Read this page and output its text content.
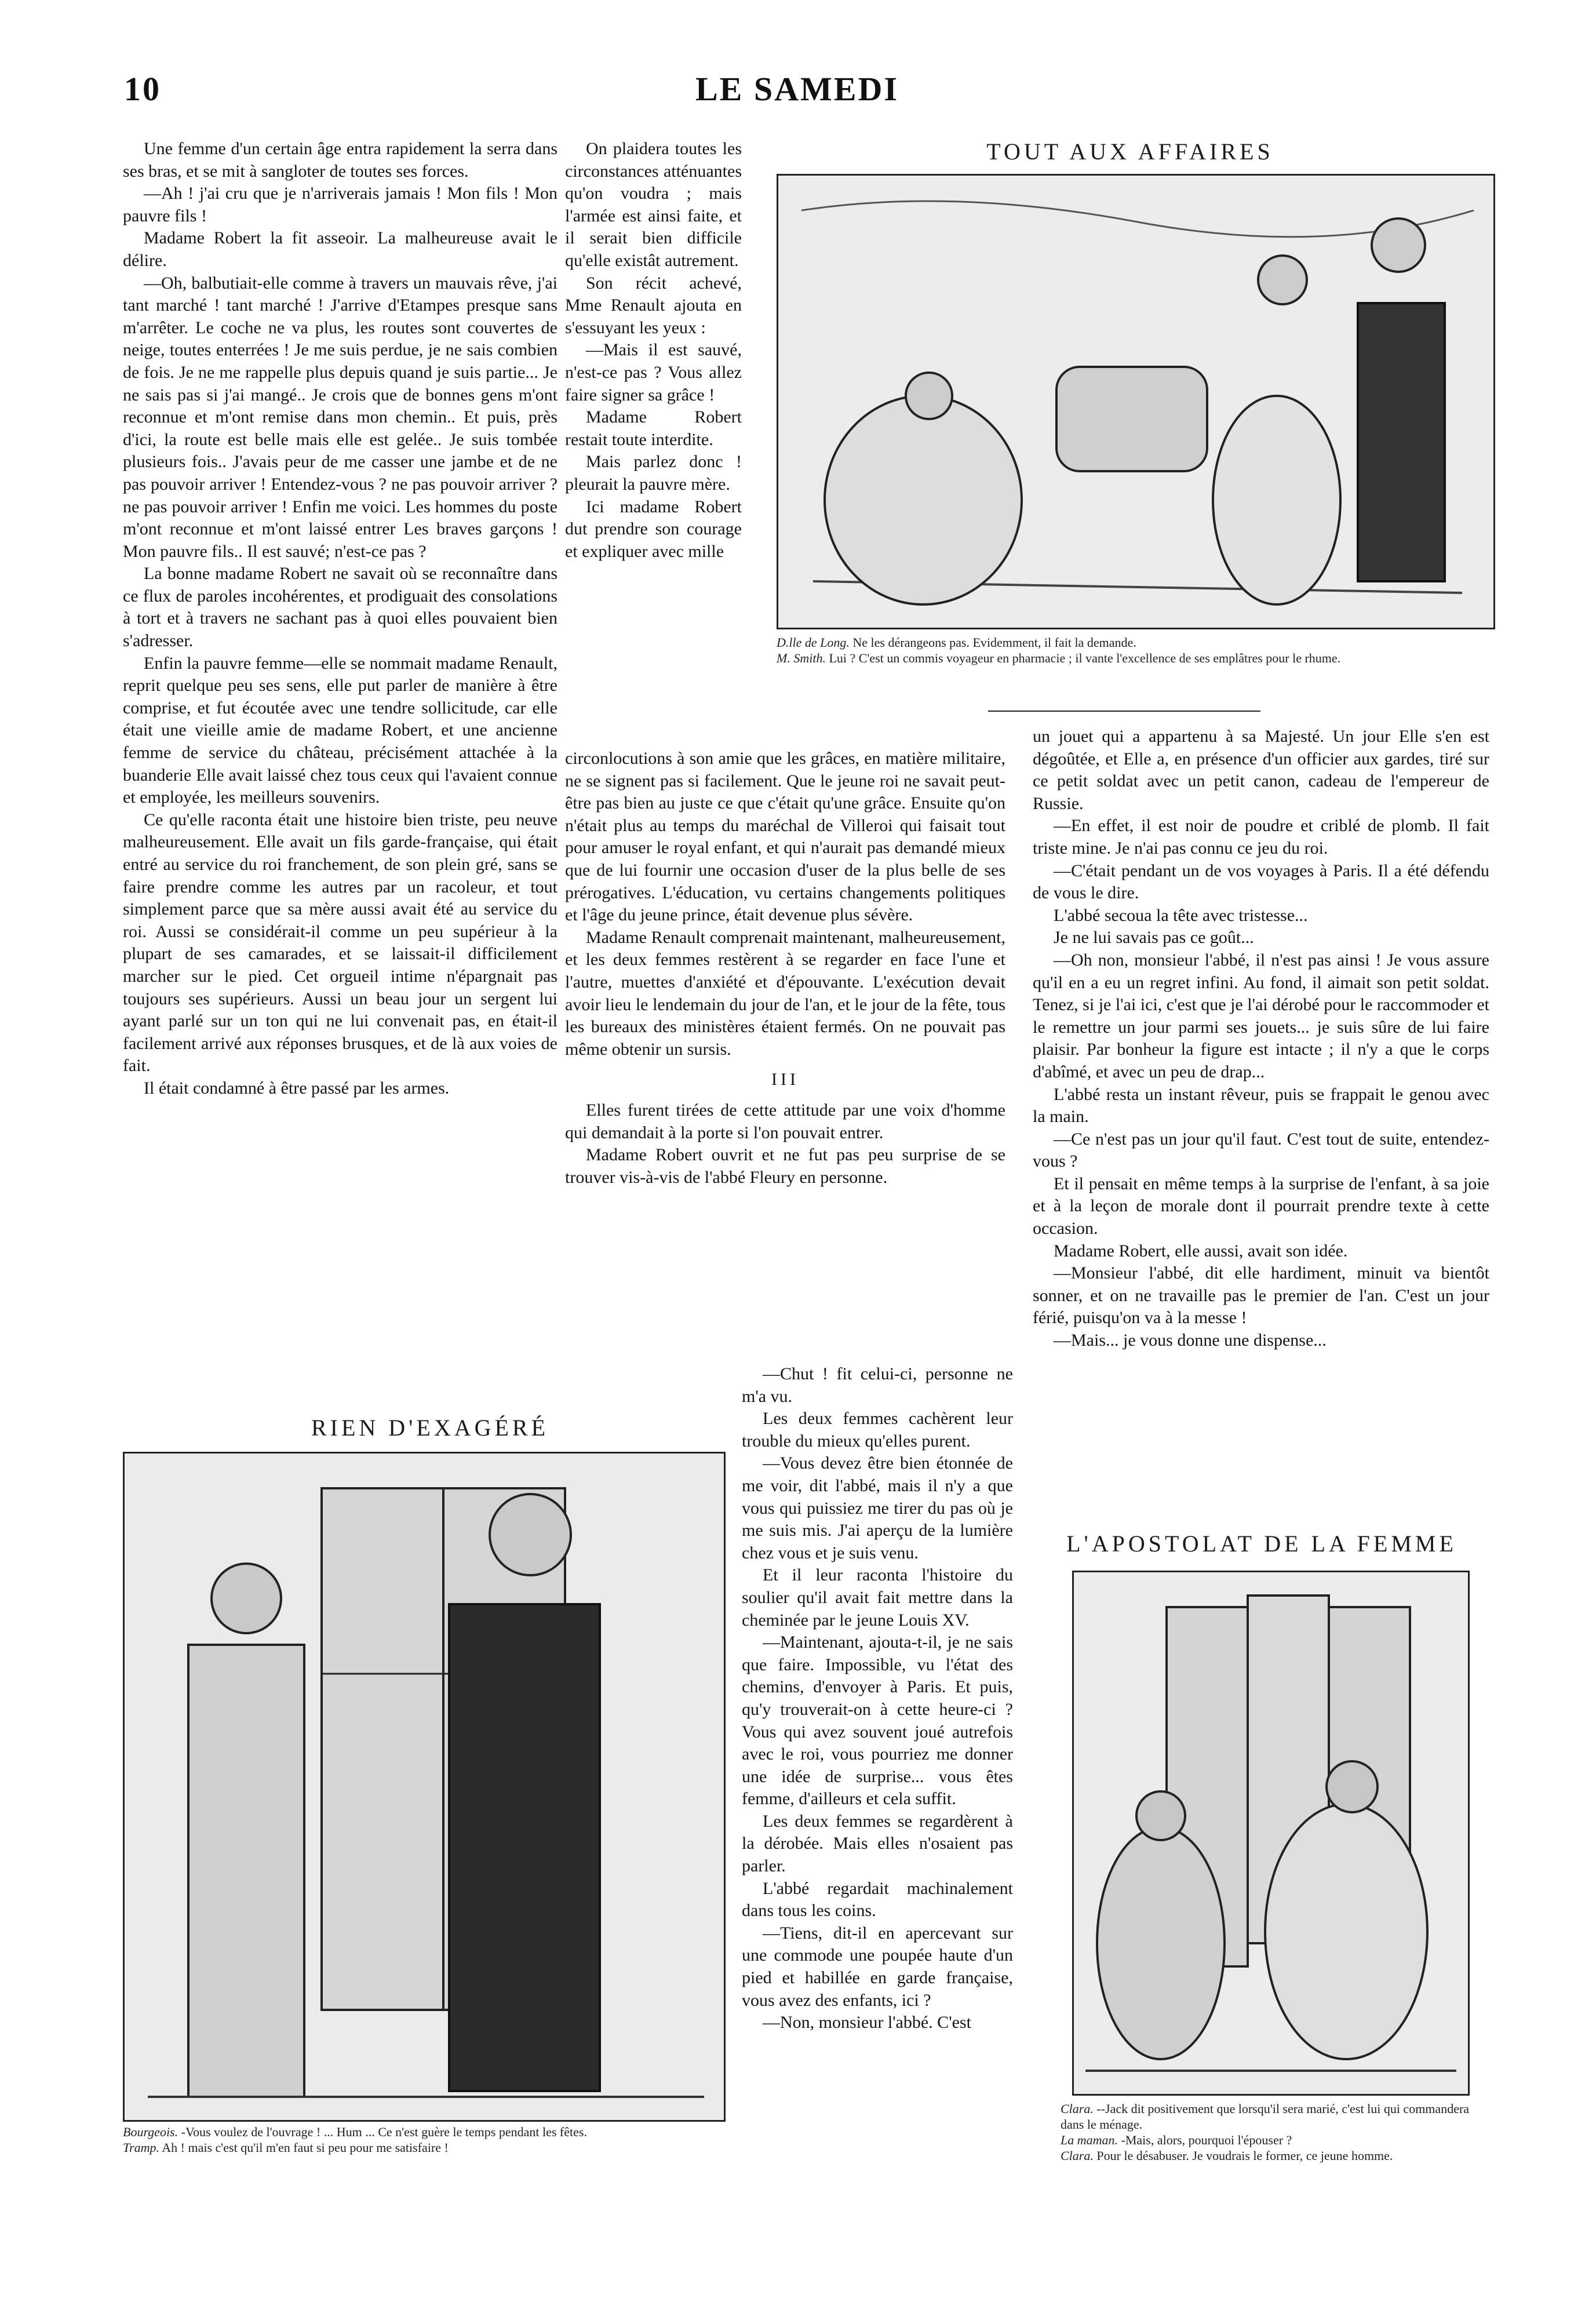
10	LE SAMEDI

Une femme d'un certain âge entra rapidement la serra dans ses bras, et se mit à sangloter de toutes ses forces.

—Ah ! j'ai cru que je n'arriverais jamais ! Mon fils ! Mon pauvre fils !

Madame Robert la fit asseoir. La malheureuse avait le délire.

—Oh, balbutiait-elle comme à travers un mauvais rêve, j'ai tant marché ! tant marché ! J'arrive d'Etampes presque sans m'arrêter. Le coche ne va plus, les routes sont couvertes de neige, toutes enterrées ! Je me suis perdue, je ne sais combien de fois. Je ne me rappelle plus depuis quand je suis partie... Je ne sais pas si j'ai mangé.. Je crois que de bonnes gens m'ont reconnue et m'ont remise dans mon chemin.. Et puis, près d'ici, la route est belle mais elle est gelée.. Je suis tombée plusieurs fois.. J'avais peur de me casser une jambe et de ne pas pouvoir arriver ! Entendez-vous ? ne pas pouvoir arriver ? ne pas pouvoir arriver ! Enfin me voici. Les hommes du poste m'ont reconnue et m'ont laissé entrer Les braves garçons ! Mon pauvre fils.. Il est sauvé; n'est-ce pas ?

La bonne madame Robert ne savait où se reconnaître dans ce flux de paroles incohérentes, et prodiguait des consolations à tort et à travers ne sachant pas à quoi elles pouvaient bien s'adresser.

Enfin la pauvre femme—elle se nommait madame Renault, reprit quelque peu ses sens, elle put parler de manière à être comprise, et fut écoutée avec une tendre sollicitude, car elle était une vieille amie de madame Robert, et une ancienne femme de service du château, précisément attachée à la buanderie Elle avait laissé chez tous ceux qui l'avaient connue et employée, les meilleurs souvenirs.

Ce qu'elle raconta était une histoire bien triste, peu neuve malheureusement. Elle avait un fils garde-française, qui était entré au service du roi franchement, de son plein gré, sans se faire prendre comme les autres par un racoleur, et tout simplement parce que sa mère aussi avait été au service du roi. Aussi se considérait-il comme un peu supérieur à la plupart de ses camarades, et se laissait-il difficilement marcher sur le pied. Cet orgueil intime n'épargnait pas toujours ses supérieurs. Aussi un beau jour un sergent lui ayant parlé sur un ton qui ne lui convenait pas, en était-il facilement arrivé aux réponses brusques, et de là aux voies de fait.

Il était condamné à être passé par les armes.

On plaidera toutes les circonstances atténuantes qu'on voudra ; mais l'armée est ainsi faite, et il serait bien difficile qu'elle existât autrement.

Son récit achevé, Mme Renault ajouta en s'essuyant les yeux :

—Mais il est sauvé, n'est-ce pas ? Vous allez faire signer sa grâce !

Madame Robert restait toute interdite.

Mais parlez donc ! pleurait la pauvre mère.

Ici madame Robert dut prendre son courage et expliquer avec mille

TOUT AUX AFFAIRES
D.lle de Long. Ne les dérangeons pas. Evidemment, il fait la demande.
M. Smith. Lui ? C'est un commis voyageur en pharmacie ; il vante l'excellence de ses emplâtres pour le rhume.

circonlocutions à son amie que les grâces, en matière militaire, ne se signent pas si facilement. Que le jeune roi ne savait peut-être pas bien au juste ce que c'était qu'une grâce. Ensuite qu'on n'était plus au temps du maréchal de Villeroi qui faisait tout pour amuser le royal enfant, et qui n'aurait pas demandé mieux que de lui fournir une occasion d'user de la plus belle de ses prérogatives. L'éducation, vu certains changements politiques et l'âge du jeune prince, était devenue plus sévère.

Madame Renault comprenait maintenant, malheureusement, et les deux femmes restèrent à se regarder en face l'une et l'autre, muettes d'anxiété et d'épouvante. L'exécution devait avoir lieu le lendemain du jour de l'an, et le jour de la fête, tous les bureaux des ministères étaient fermés. On ne pouvait pas même obtenir un sursis.

III

Elles furent tirées de cette attitude par une voix d'homme qui demandait à la porte si l'on pouvait entrer.

Madame Robert ouvrit et ne fut pas peu surprise de se trouver vis-à-vis de l'abbé Fleury en personne.

un jouet qui a appartenu à sa Majesté. Un jour Elle s'en est dégoûtée, et Elle a, en présence d'un officier aux gardes, tiré sur ce petit soldat avec un petit canon, cadeau de l'empereur de Russie.

—En effet, il est noir de poudre et criblé de plomb. Il fait triste mine. Je n'ai pas connu ce jeu du roi.

—C'était pendant un de vos voyages à Paris. Il a été défendu de vous le dire.

L'abbé secoua la tête avec tristesse...

Je ne lui savais pas ce goût...

—Oh non, monsieur l'abbé, il n'est pas ainsi ! Je vous assure qu'il en a eu un regret infini. Au fond, il aimait son petit soldat. Tenez, si je l'ai ici, c'est que je l'ai dérobé pour le raccommoder et le remettre un jour parmi ses jouets... je suis sûre de lui faire plaisir. Par bonheur la figure est intacte ; il n'y a que le corps d'abîmé, et avec un peu de drap...

L'abbé resta un instant rêveur, puis se frappait le genou avec la main.

—Ce n'est pas un jour qu'il faut. C'est tout de suite, entendez-vous ?

Et il pensait en même temps à la surprise de l'enfant, à sa joie et à la leçon de morale dont il pourrait prendre texte à cette occasion.

Madame Robert, elle aussi, avait son idée.

—Monsieur l'abbé, dit elle hardiment, minuit va bientôt sonner, et on ne travaille pas le premier de l'an. C'est un jour férié, puisqu'on va à la messe !

—Mais... je vous donne une dispense...

RIEN D'EXAGÉRÉ
Bourgeois. -Vous voulez de l'ouvrage ! ... Hum ... Ce n'est guère le temps pendant les fêtes.
Tramp. Ah ! mais c'est qu'il m'en faut si peu pour me satisfaire !

—Chut ! fit celui-ci, personne ne m'a vu.

Les deux femmes cachèrent leur trouble du mieux qu'elles purent.

—Vous devez être bien étonnée de me voir, dit l'abbé, mais il n'y a que vous qui puissiez me tirer du pas où je me suis mis. J'ai aperçu de la lumière chez vous et je suis venu.

Et il leur raconta l'histoire du soulier qu'il avait fait mettre dans la cheminée par le jeune Louis XV.

—Maintenant, ajouta-t-il, je ne sais que faire. Impossible, vu l'état des chemins, d'envoyer à Paris. Et puis, qu'y trouverait-on à cette heure-ci ? Vous qui avez souvent joué autrefois avec le roi, vous pourriez me donner une idée de surprise... vous êtes femme, d'ailleurs et cela suffit.

Les deux femmes se regardèrent à la dérobée. Mais elles n'osaient pas parler.

L'abbé regardait machinalement dans tous les coins.

—Tiens, dit-il en apercevant sur une commode une poupée haute d'un pied et habillée en garde française, vous avez des enfants, ici ?

—Non, monsieur l'abbé. C'est

L'APOSTOLAT DE LA FEMME
Clara. --Jack dit positivement que lorsqu'il sera marié, c'est lui qui commandera dans le ménage.
La maman. -Mais, alors, pourquoi l'épouser ?
Clara. Pour le désabuser. Je voudrais le former, ce jeune homme.
